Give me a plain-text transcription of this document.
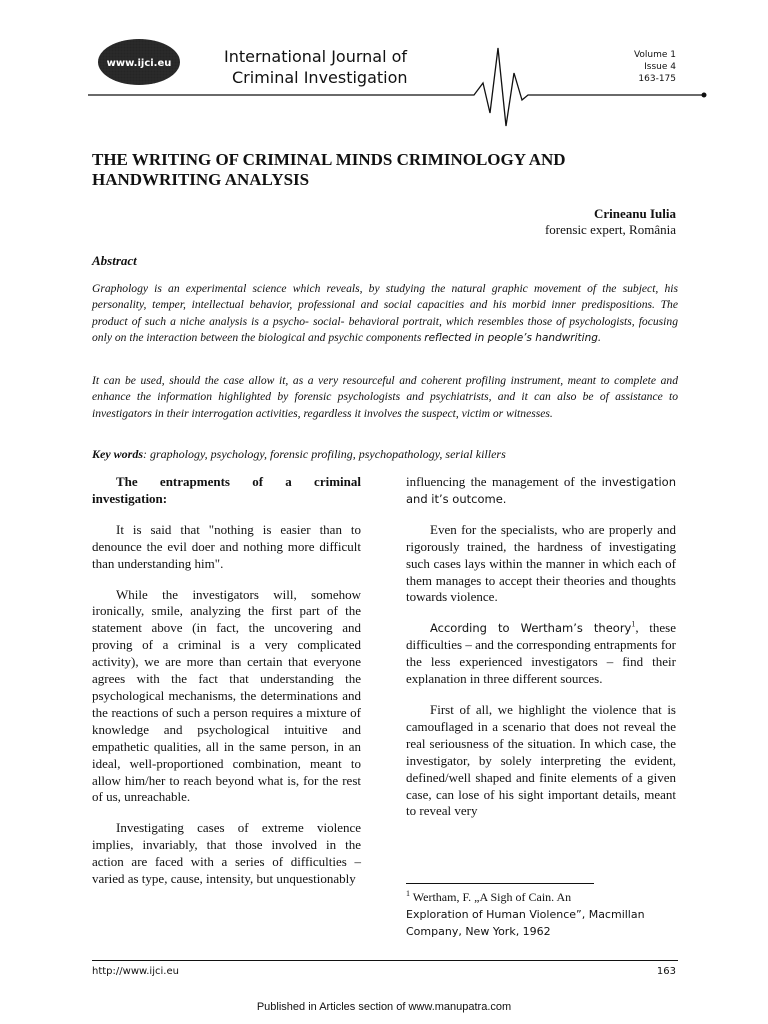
www.ijci.eu	International Journal of
Criminal Investigation
Volume 1
Issue 4
163-175
THE WRITING OF CRIMINAL MINDS CRIMINOLOGY AND HANDWRITING ANALYSIS
Crineanu Iulia
forensic expert, România
Abstract
Graphology is an experimental science which reveals, by studying the natural graphic movement of the subject, his personality, temper, intellectual behavior, professional and social capacities and his morbid inner predispositions. The product of such a niche analysis is a psycho- social- behavioral portrait, which resembles those of psychologists, focusing only on the interaction between the biological and psychic components reflected in people’s handwriting.
It can be used, should the case allow it, as a very resourceful and coherent profiling instrument, meant to complete and enhance the information highlighted by forensic psychologists and psychiatrists, and it can also be of assistance to investigators in their interrogation activities, regardless it involves the suspect, victim or witnesses.
Key words: graphology, psychology, forensic profiling, psychopathology, serial killers
The entrapments of a criminal investigation:

It is said that "nothing is easier than to denounce the evil doer and nothing more difficult than understanding him".

While the investigators will, somehow ironically, smile, analyzing the first part of the statement above (in fact, the uncovering and proving of a criminal is a very complicated activity), we are more than certain that everyone agrees with the fact that understanding the psychological mechanisms, the determinations and the reactions of such a person requires a mixture of knowledge and psychological intuitive and empathetic qualities, all in the same person, in an ideal, well-proportioned combination, meant to allow him/her to reach beyond what is, for the rest of us, unreachable.

Investigating cases of extreme violence implies, invariably, that those involved in the action are faced with a series of difficulties – varied as type, cause, intensity, but unquestionably

influencing the management of the investigation and it’s outcome.

Even for the specialists, who are properly and rigorously trained, the hardness of investigating such cases lays within the manner in which each of them manages to accept their theories and thoughts towards violence.

According to Wertham’s theory$^1$, these difficulties – and the corresponding entrapments for the less experienced investigators – find their explanation in three different sources.

First of all, we highlight the violence that is camouflaged in a scenario that does not reveal the real seriousness of the situation. In which case, the investigator, by solely interpreting the evident, defined/well shaped and finite elements of a given case, can lose of his sight important details, meant to reveal very

$^1$ Wertham, F. „A Sigh of Cain. An
Exploration of Human Violence”, Macmillan Company, New York, 1962
http://www.ijci.eu	163
Published in Articles section of www.manupatra.com
